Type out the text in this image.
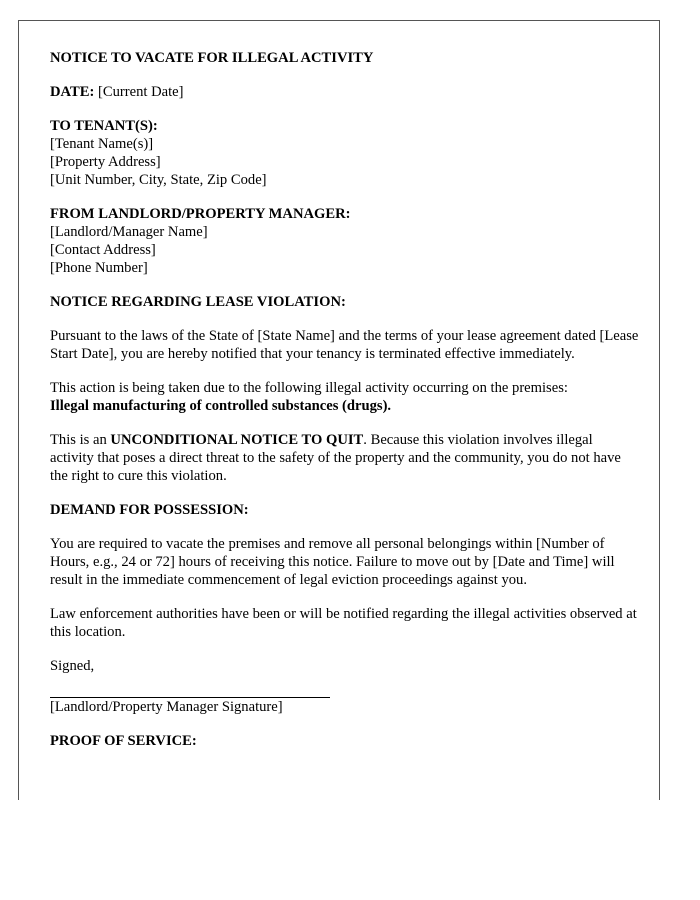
NOTICE TO VACATE FOR ILLEGAL ACTIVITY
DATE: [Current Date]
TO TENANT(S):
[Tenant Name(s)]
[Property Address]
[Unit Number, City, State, Zip Code]
FROM LANDLORD/PROPERTY MANAGER:
[Landlord/Manager Name]
[Contact Address]
[Phone Number]
NOTICE REGARDING LEASE VIOLATION:
Pursuant to the laws of the State of [State Name] and the terms of your lease agreement dated [Lease Start Date], you are hereby notified that your tenancy is terminated effective immediately.
This action is being taken due to the following illegal activity occurring on the premises:
Illegal manufacturing of controlled substances (drugs).
This is an UNCONDITIONAL NOTICE TO QUIT. Because this violation involves illegal activity that poses a direct threat to the safety of the property and the community, you do not have the right to cure this violation.
DEMAND FOR POSSESSION:
You are required to vacate the premises and remove all personal belongings within [Number of Hours, e.g., 24 or 72] hours of receiving this notice. Failure to move out by [Date and Time] will result in the immediate commencement of legal eviction proceedings against you.
Law enforcement authorities have been or will be notified regarding the illegal activities observed at this location.
Signed,
[Landlord/Property Manager Signature]
PROOF OF SERVICE:
